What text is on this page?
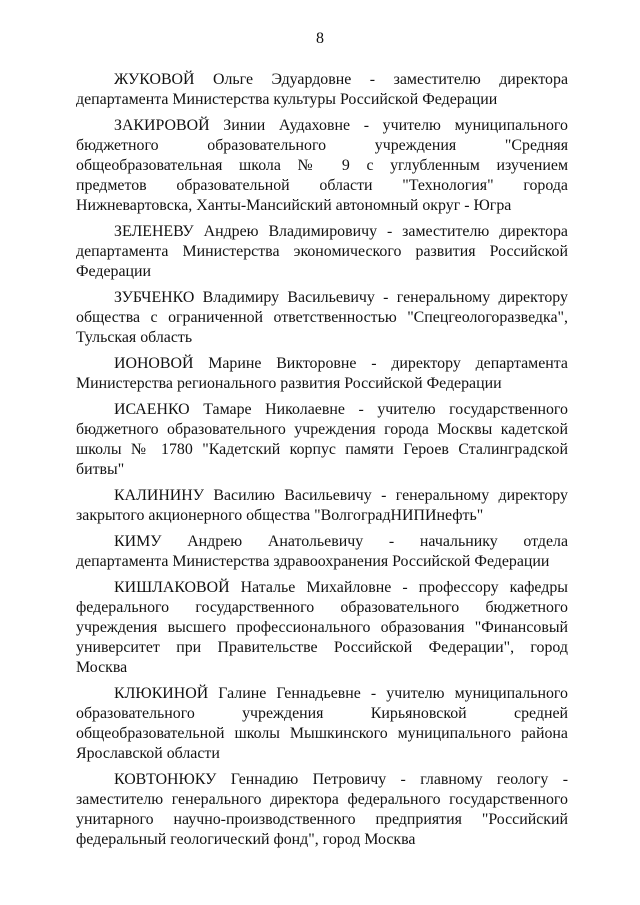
8

ЖУКОВОЙ Ольге Эдуардовне - заместителю директора

департамента Министерства культуры Российской Федерации

ЗАКИРОВОЙ Зинии Аудаховне - учителю муниципального

бюджетного образовательного учреждения "Средняя

общеобразовательная школа № 9 с углубленным изучением

предметов образовательной области "Технология" города

Нижневартовска, Ханты-Мансийский автономный округ - Югра

ЗЕЛЕНЕВУ Андрею Владимировичу - заместителю директора

департамента Министерства экономического развития Российской

Федерации

ЗУБЧЕНКО Владимиру Васильевичу - генеральному директору

общества с ограниченной ответственностью "Спецгеологоразведка",

Тульская область

ИОНОВОЙ Марине Викторовне - директору департамента

Министерства регионального развития Российской Федерации

ИСАЕНКО Тамаре Николаевне - учителю государственного

бюджетного образовательного учреждения города Москвы кадетской

школы № 1780 "Кадетский корпус памяти Героев Сталинградской

битвы"

КАЛИНИНУ Василию Васильевичу - генеральному директору

закрытого акционерного общества "ВолгоградНИПИнефть"

КИМУ Андрею Анатольевичу - начальнику отдела

департамента Министерства здравоохранения Российской Федерации

КИШЛАКОВОЙ Наталье Михайловне - профессору кафедры

федерального государственного образовательного бюджетного

учреждения высшего профессионального образования "Финансовый

университет при Правительстве Российской Федерации", город

Москва

КЛЮКИНОЙ Галине Геннадьевне - учителю муниципального

образовательного учреждения Кирьяновской средней

общеобразовательной школы Мышкинского муниципального района

Ярославской области

КОВТОНЮКУ Геннадию Петровичу - главному геологу -

заместителю генерального директора федерального государственного

унитарного научно-производственного предприятия "Российский

федеральный геологический фонд", город Москва
